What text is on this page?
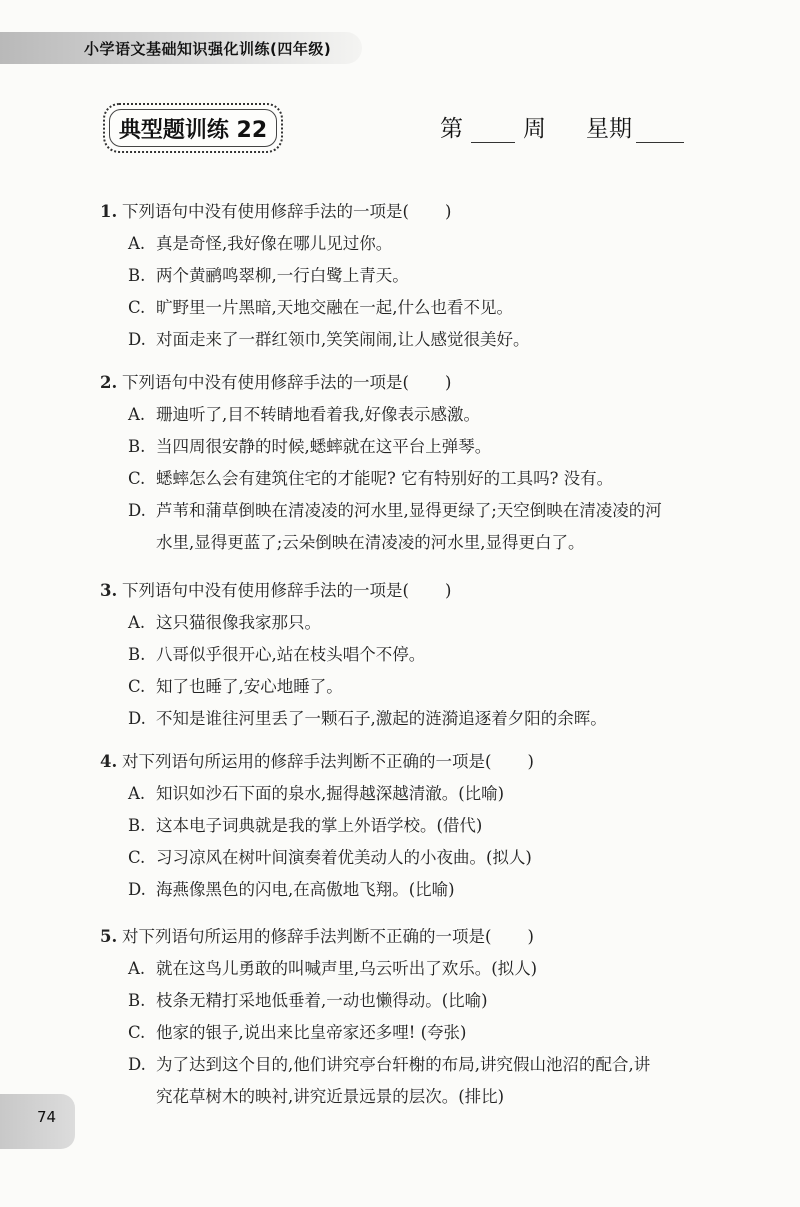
小学语文基础知识强化训练(四年级)
典型题训练 22	第	周 星期
1. 下列语句中没有使用修辞手法的一项是( )
A. 真是奇怪,我好像在哪儿见过你。
B. 两个黄鹂鸣翠柳,一行白鹭上青天。
C. 旷野里一片黑暗,天地交融在一起,什么也看不见。
D. 对面走来了一群红领巾,笑笑闹闹,让人感觉很美好。
2. 下列语句中没有使用修辞手法的一项是( )
A. 珊迪听了,目不转睛地看着我,好像表示感激。
B. 当四周很安静的时候,蟋蟀就在这平台上弹琴。
C. 蟋蟀怎么会有建筑住宅的才能呢? 它有特别好的工具吗? 没有。
D. 芦苇和蒲草倒映在清凌凌的河水里,显得更绿了;天空倒映在清凌凌的河
水里,显得更蓝了;云朵倒映在清凌凌的河水里,显得更白了。
3. 下列语句中没有使用修辞手法的一项是( )
A. 这只猫很像我家那只。
B. 八哥似乎很开心,站在枝头唱个不停。
C. 知了也睡了,安心地睡了。
D. 不知是谁往河里丢了一颗石子,激起的涟漪追逐着夕阳的余晖。
4. 对下列语句所运用的修辞手法判断不正确的一项是( )
A. 知识如沙石下面的泉水,掘得越深越清澈。(比喻)
B. 这本电子词典就是我的掌上外语学校。(借代)
C. 习习凉风在树叶间演奏着优美动人的小夜曲。(拟人)
D. 海燕像黑色的闪电,在高傲地飞翔。(比喻)
5. 对下列语句所运用的修辞手法判断不正确的一项是( )
A. 就在这鸟儿勇敢的叫喊声里,乌云听出了欢乐。(拟人)
B. 枝条无精打采地低垂着,一动也懒得动。(比喻)
C. 他家的银子,说出来比皇帝家还多哩! (夸张)
D. 为了达到这个目的,他们讲究亭台轩榭的布局,讲究假山池沼的配合,讲
究花草树木的映衬,讲究近景远景的层次。(排比)
74
